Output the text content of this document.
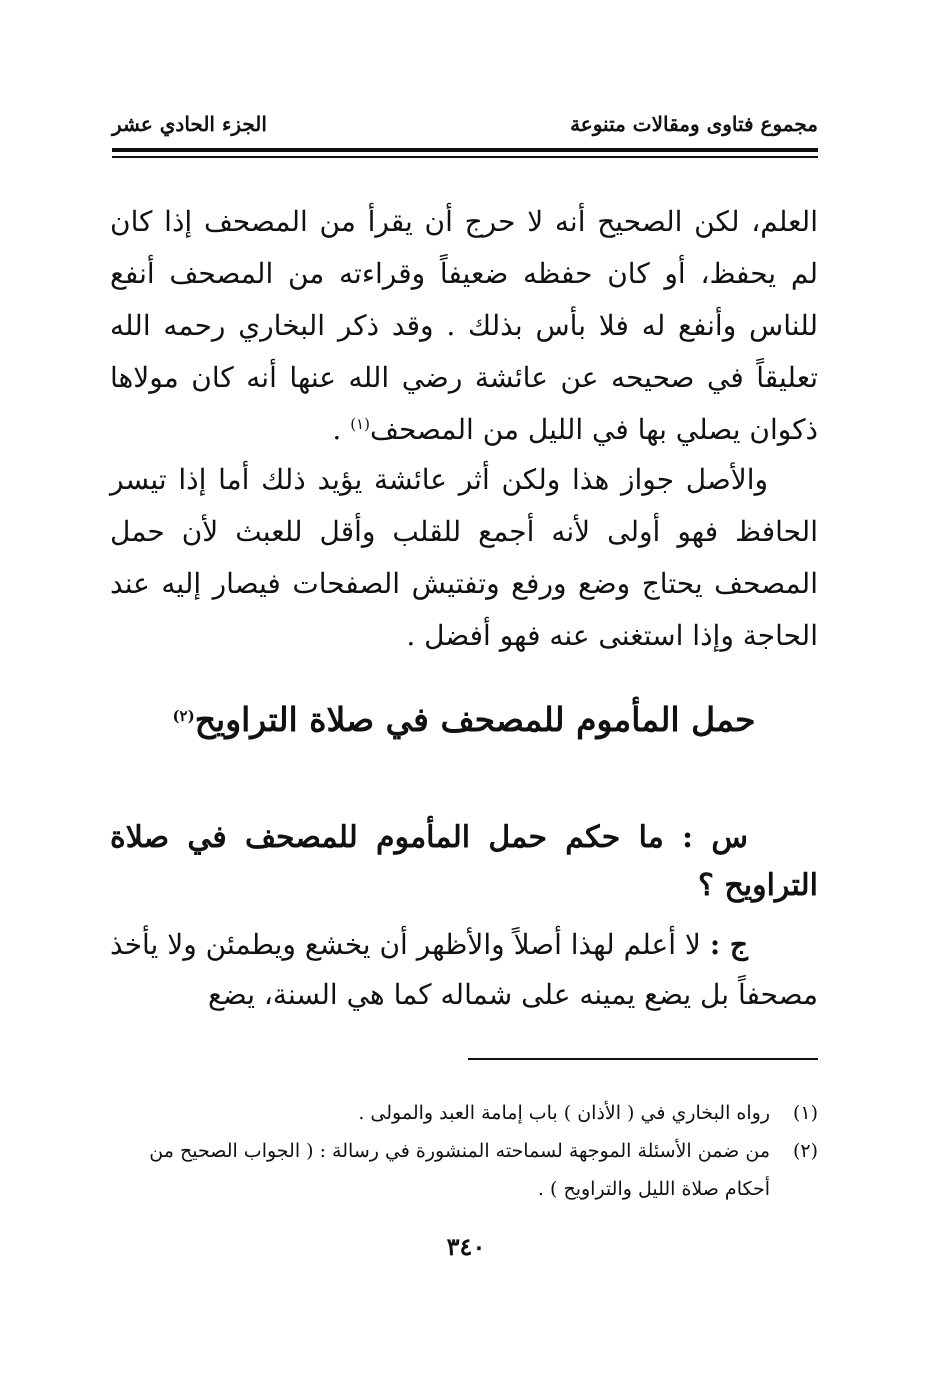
مجموع فتاوى ومقالات متنوعة
الجزء الحادي عشر

العلم، لكن الصحيح أنه لا حرج أن يقرأ من المصحف إذا كان لم يحفظ، أو كان حفظه ضعيفاً وقراءته من المصحف أنفع للناس وأنفع له فلا بأس بذلك . وقد ذكر البخاري رحمه الله تعليقاً في صحيحه عن عائشة رضي الله عنها أنه كان مولاها ذكوان يصلي بها في الليل من المصحف$^{(١)}$ .

والأصل جواز هذا ولكن أثر عائشة يؤيد ذلك أما إذا تيسر الحافظ فهو أولى لأنه أجمع للقلب وأقل للعبث لأن حمل المصحف يحتاج وضع ورفع وتفتيش الصفحات فيصار إليه عند الحاجة وإذا استغنى عنه فهو أفضل .

حمل المأموم للمصحف في صلاة التراويح$^{(٢)}$

س : ما حكم حمل المأموم للمصحف في صلاة التراويح ؟

ج : لا أعلم لهذا أصلاً والأظهر أن يخشع ويطمئن ولا يأخذ مصحفاً بل يضع يمينه على شماله كما هي السنة، يضع

(١)
رواه البخاري في ( الأذان ) باب إمامة العبد والمولى .
(٢)
من ضمن الأسئلة الموجهة لسماحته المنشورة في رسالة : ( الجواب الصحيح من أحكام صلاة الليل والتراويح ) .
٣٤٠
